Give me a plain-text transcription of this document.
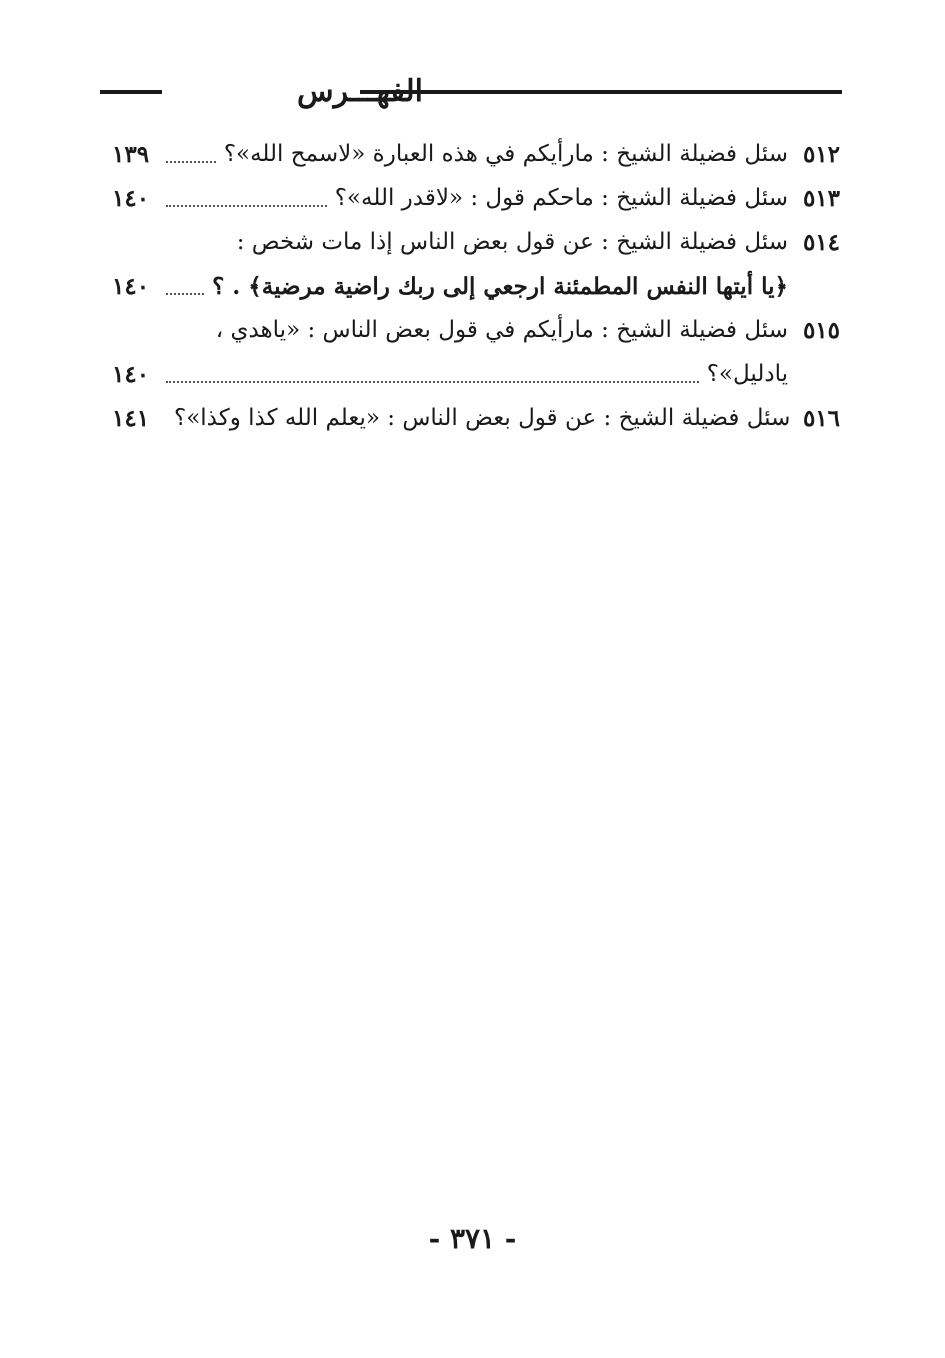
الفهـــرس
٥١٢
سئل فضيلة الشيخ : مارأيكم في هذه العبارة «لاسمح الله»؟
١٣٩
٥١٣
سئل فضيلة الشيخ : ماحكم قول : «لاقدر الله»؟
١٤٠
٥١٤
سئل فضيلة الشيخ : عن قول بعض الناس إذا مات شخص :
﴿يا أيتها النفس المطمئنة ارجعي إلى ربك راضية مرضية﴾ . ؟
١٤٠
٥١٥
سئل فضيلة الشيخ : مارأيكم في قول بعض الناس : «ياهدي ،
يادليل»؟
١٤٠
٥١٦
سئل فضيلة الشيخ : عن قول بعض الناس : «يعلم الله كذا وكذا»؟
١٤١
- ٣٧١ -
